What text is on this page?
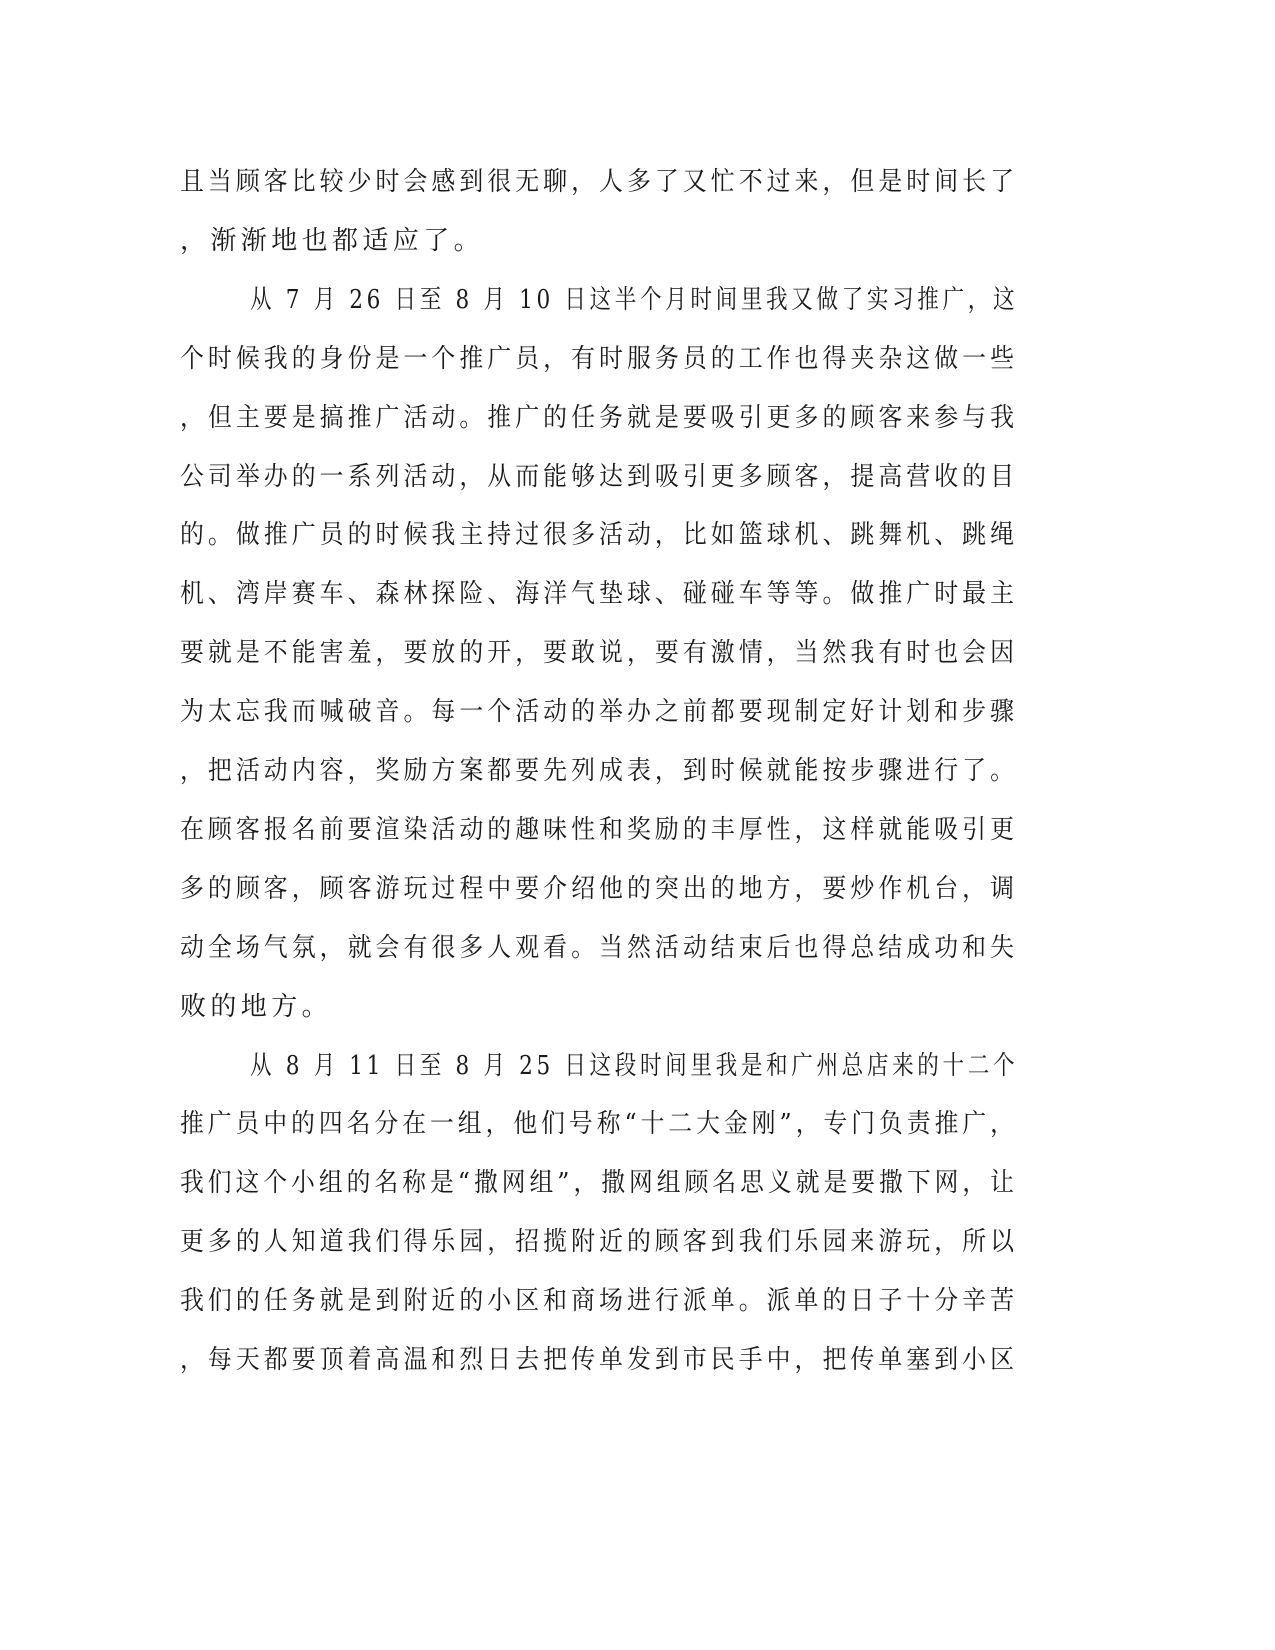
且当顾客比较少时会感到很无聊，人多了又忙不过来，但是时间长了
，渐渐地也都适应了。
从 7 月 26 日至 8 月 10 日这半个月时间里我又做了实习推广，这
个时候我的身份是一个推广员，有时服务员的工作也得夹杂这做一些
，但主要是搞推广活动。推广的任务就是要吸引更多的顾客来参与我
公司举办的一系列活动，从而能够达到吸引更多顾客，提高营收的目
的。做推广员的时候我主持过很多活动，比如篮球机、跳舞机、跳绳
机、湾岸赛车、森林探险、海洋气垫球、碰碰车等等。做推广时最主
要就是不能害羞，要放的开，要敢说，要有激情，当然我有时也会因
为太忘我而喊破音。每一个活动的举办之前都要现制定好计划和步骤
，把活动内容，奖励方案都要先列成表，到时候就能按步骤进行了。
在顾客报名前要渲染活动的趣味性和奖励的丰厚性，这样就能吸引更
多的顾客，顾客游玩过程中要介绍他的突出的地方，要炒作机台，调
动全场气氛，就会有很多人观看。当然活动结束后也得总结成功和失
败的地方。
从 8 月 11 日至 8 月 25 日这段时间里我是和广州总店来的十二个
推广员中的四名分在一组，他们号称“十二大金刚”，专门负责推广，
我们这个小组的名称是“撒网组”，撒网组顾名思义就是要撒下网，让
更多的人知道我们得乐园，招揽附近的顾客到我们乐园来游玩，所以
我们的任务就是到附近的小区和商场进行派单。派单的日子十分辛苦
，每天都要顶着高温和烈日去把传单发到市民手中，把传单塞到小区
